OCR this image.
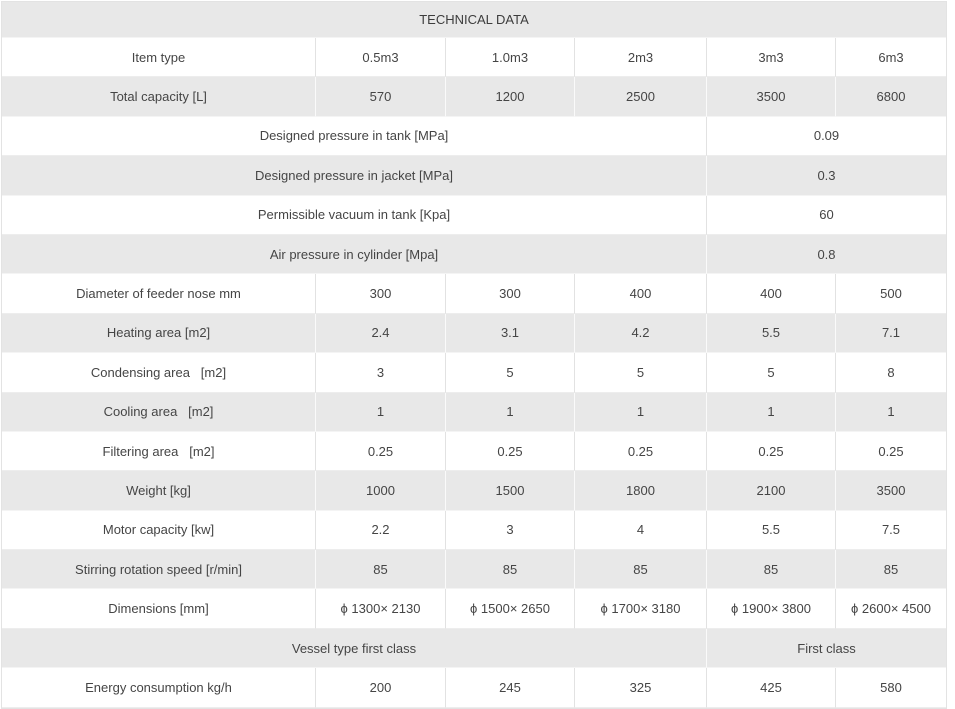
TECHNICAL DATA					
Item type	0.5m3	1.0m3	2m3	3m3	6m3
Total capacity [L]	570	1200	2500	3500	6800
Designed pressure in tank [MPa]				0.09	
Designed pressure in jacket [MPa]				0.3	
Permissible vacuum in tank [Kpa]				60	
Air pressure in cylinder [Mpa]				0.8	
Diameter of feeder nose mm	300	300	400	400	500
Heating area [m2]	2.4	3.1	4.2	5.5	7.1
Condensing area   [m2]	3	5	5	5	8
Cooling area   [m2]	1	1	1	1	1
Filtering area   [m2]	0.25	0.25	0.25	0.25	0.25
Weight [kg]	1000	1500	1800	2100	3500
Motor capacity [kw]	2.2	3	4	5.5	7.5
Stirring rotation speed [r/min]	85	85	85	85	85
Dimensions [mm]	ϕ 1300× 2130	ϕ 1500× 2650	ϕ 1700× 3180	ϕ 1900× 3800	ϕ 2600× 4500
Vessel type first class				First class	
Energy consumption kg/h	200	245	325	425	580
